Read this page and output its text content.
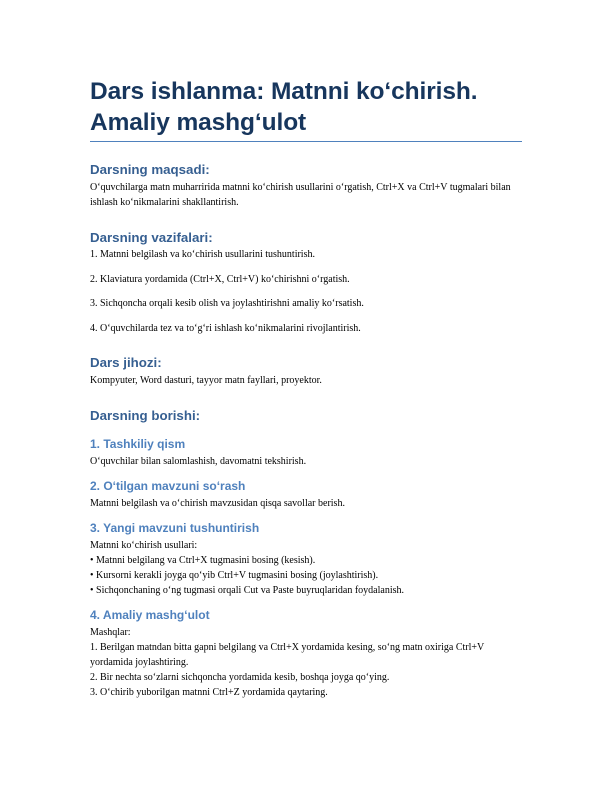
Dars ishlanma: Matnni ko‘chirish.
Amaliy mashg‘ulot
Darsning maqsadi:

O‘quvchilarga matn muharririda matnni ko‘chirish usullarini o‘rgatish, Ctrl+X va Ctrl+V tugmalari bilan ishlash ko‘nikmalarini shakllantirish.

Darsning vazifalari:

1. Matnni belgilash va ko‘chirish usullarini tushuntirish.

2. Klaviatura yordamida (Ctrl+X, Ctrl+V) ko‘chirishni o‘rgatish.

3. Sichqoncha orqali kesib olish va joylashtirishni amaliy ko‘rsatish.

4. O‘quvchilarda tez va to‘g‘ri ishlash ko‘nikmalarini rivojlantirish.

Dars jihozi:

Kompyuter, Word dasturi, tayyor matn fayllari, proyektor.

Darsning borishi:
1. Tashkiliy qism

O‘quvchilar bilan salomlashish, davomatni tekshirish.

2. O‘tilgan mavzuni so‘rash

Matnni belgilash va o‘chirish mavzusidan qisqa savollar berish.

3. Yangi mavzuni tushuntirish

Matnni ko‘chirish usullari:

• Matnni belgilang va Ctrl+X tugmasini bosing (kesish).

• Kursorni kerakli joyga qo‘yib Ctrl+V tugmasini bosing (joylashtirish).

• Sichqonchaning o‘ng tugmasi orqali Cut va Paste buyruqlaridan foydalanish.

4. Amaliy mashg‘ulot

Mashqlar:

1. Berilgan matndan bitta gapni belgilang va Ctrl+X yordamida kesing, so‘ng matn oxiriga Ctrl+V yordamida joylashtiring.

2. Bir nechta so‘zlarni sichqoncha yordamida kesib, boshqa joyga qo‘ying.

3. O‘chirib yuborilgan matnni Ctrl+Z yordamida qaytaring.
